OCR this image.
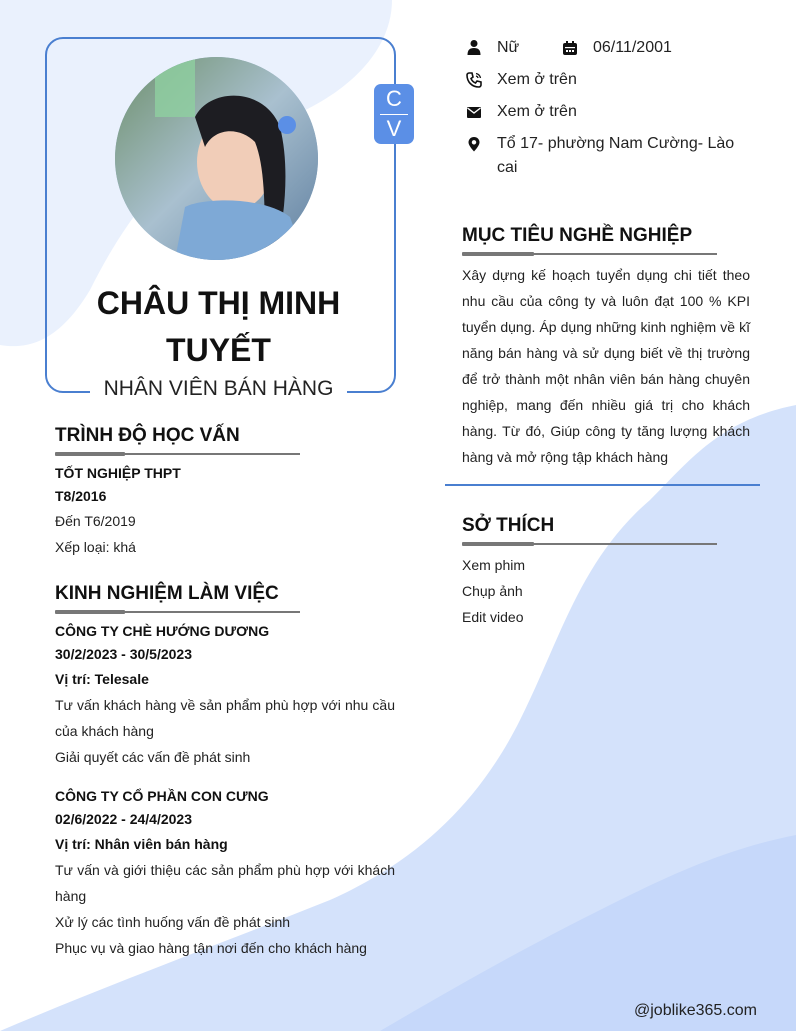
C
V
CHÂU THỊ MINH
TUYẾT
NHÂN VIÊN BÁN HÀNG
TRÌNH ĐỘ HỌC VẤN
TỐT NGHIỆP THPT
T8/2016
Đến T6/2019
Xếp loại: khá
KINH NGHIỆM LÀM VIỆC
CÔNG TY CHÈ HƯỚNG DƯƠNG
30/2/2023 - 30/5/2023
Vị trí: Telesale
Tư vấn khách hàng về sản phẩm phù hợp với nhu cầu
của khách hàng
Giải quyết các vấn đề phát sinh
CÔNG TY CỔ PHẦN CON CƯNG
02/6/2022 - 24/4/2023
Vị trí: Nhân viên bán hàng
Tư vấn và giới thiệu các sản phẩm phù hợp với khách
hàng
Xử lý các tình huống vấn đề phát sinh
Phục vụ và giao hàng tận nơi đến cho khách hàng
Nữ	06/11/2001
Xem ở trên
Xem ở trên
Tổ 17- phường Nam Cường- Lào
cai
MỤC TIÊU NGHỀ NGHIỆP
Xây dựng kế hoạch tuyển dụng chi tiết theo
nhu cầu của công ty và luôn đạt 100 % KPI
tuyển dụng. Áp dụng những kinh nghiệm về kĩ
năng bán hàng và sử dụng biết về thị trường
để trở thành một nhân viên bán hàng chuyên
nghiệp, mang đến nhiều giá trị cho khách
hàng. Từ đó, Giúp công ty tăng lượng khách
hàng và mở rộng tập khách hàng
SỞ THÍCH
Xem phim
Chụp ảnh
Edit video
@joblike365.com
